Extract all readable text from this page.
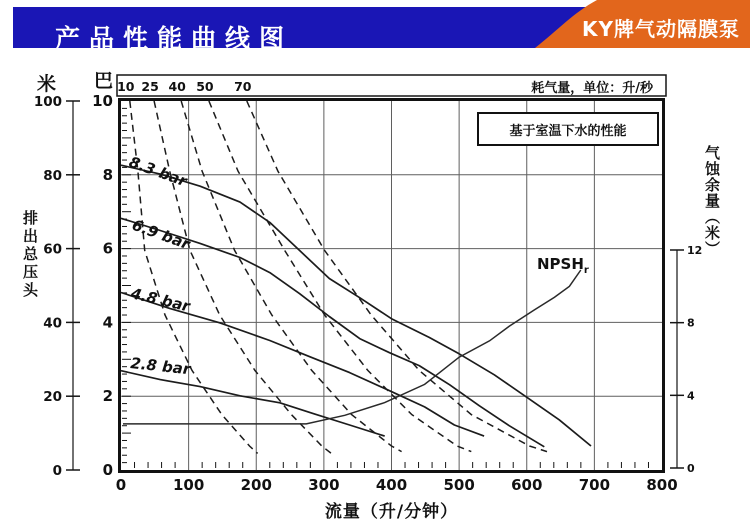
10 25 40 50 70
100
80
60
40
20
0
10
8
6
4
2
0
0	100 200 300 400 500 600 700 800
12
8
4
0
8.3 bar
6.9 bar
4.8 bar
2.8 bar
产品性能曲线图	KY牌气动隔膜泵
米 巴
排出总压头	气蚀余量（米）
流量（升/分钟）
耗气量，单位：升/秒
基于室温下水的性能
$NPSH_r$
